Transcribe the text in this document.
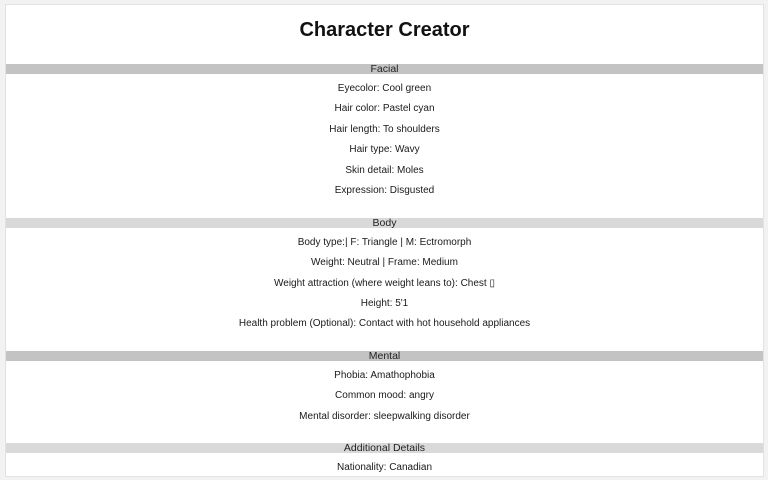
Character Creator
Facial
Eyecolor: Cool green
Hair color: Pastel cyan
Hair length: To shoulders
Hair type: Wavy
Skin detail: Moles
Expression: Disgusted
Body
Body type:| F: Triangle | M: Ectromorph
Weight: Neutral | Frame: Medium
Weight attraction (where weight leans to): Chest ▯
Height: 5'1
Health problem (Optional): Contact with hot household appliances
Mental
Phobia: Amathophobia
Common mood: angry
Mental disorder: sleepwalking disorder
Additional Details
Nationality: Canadian
